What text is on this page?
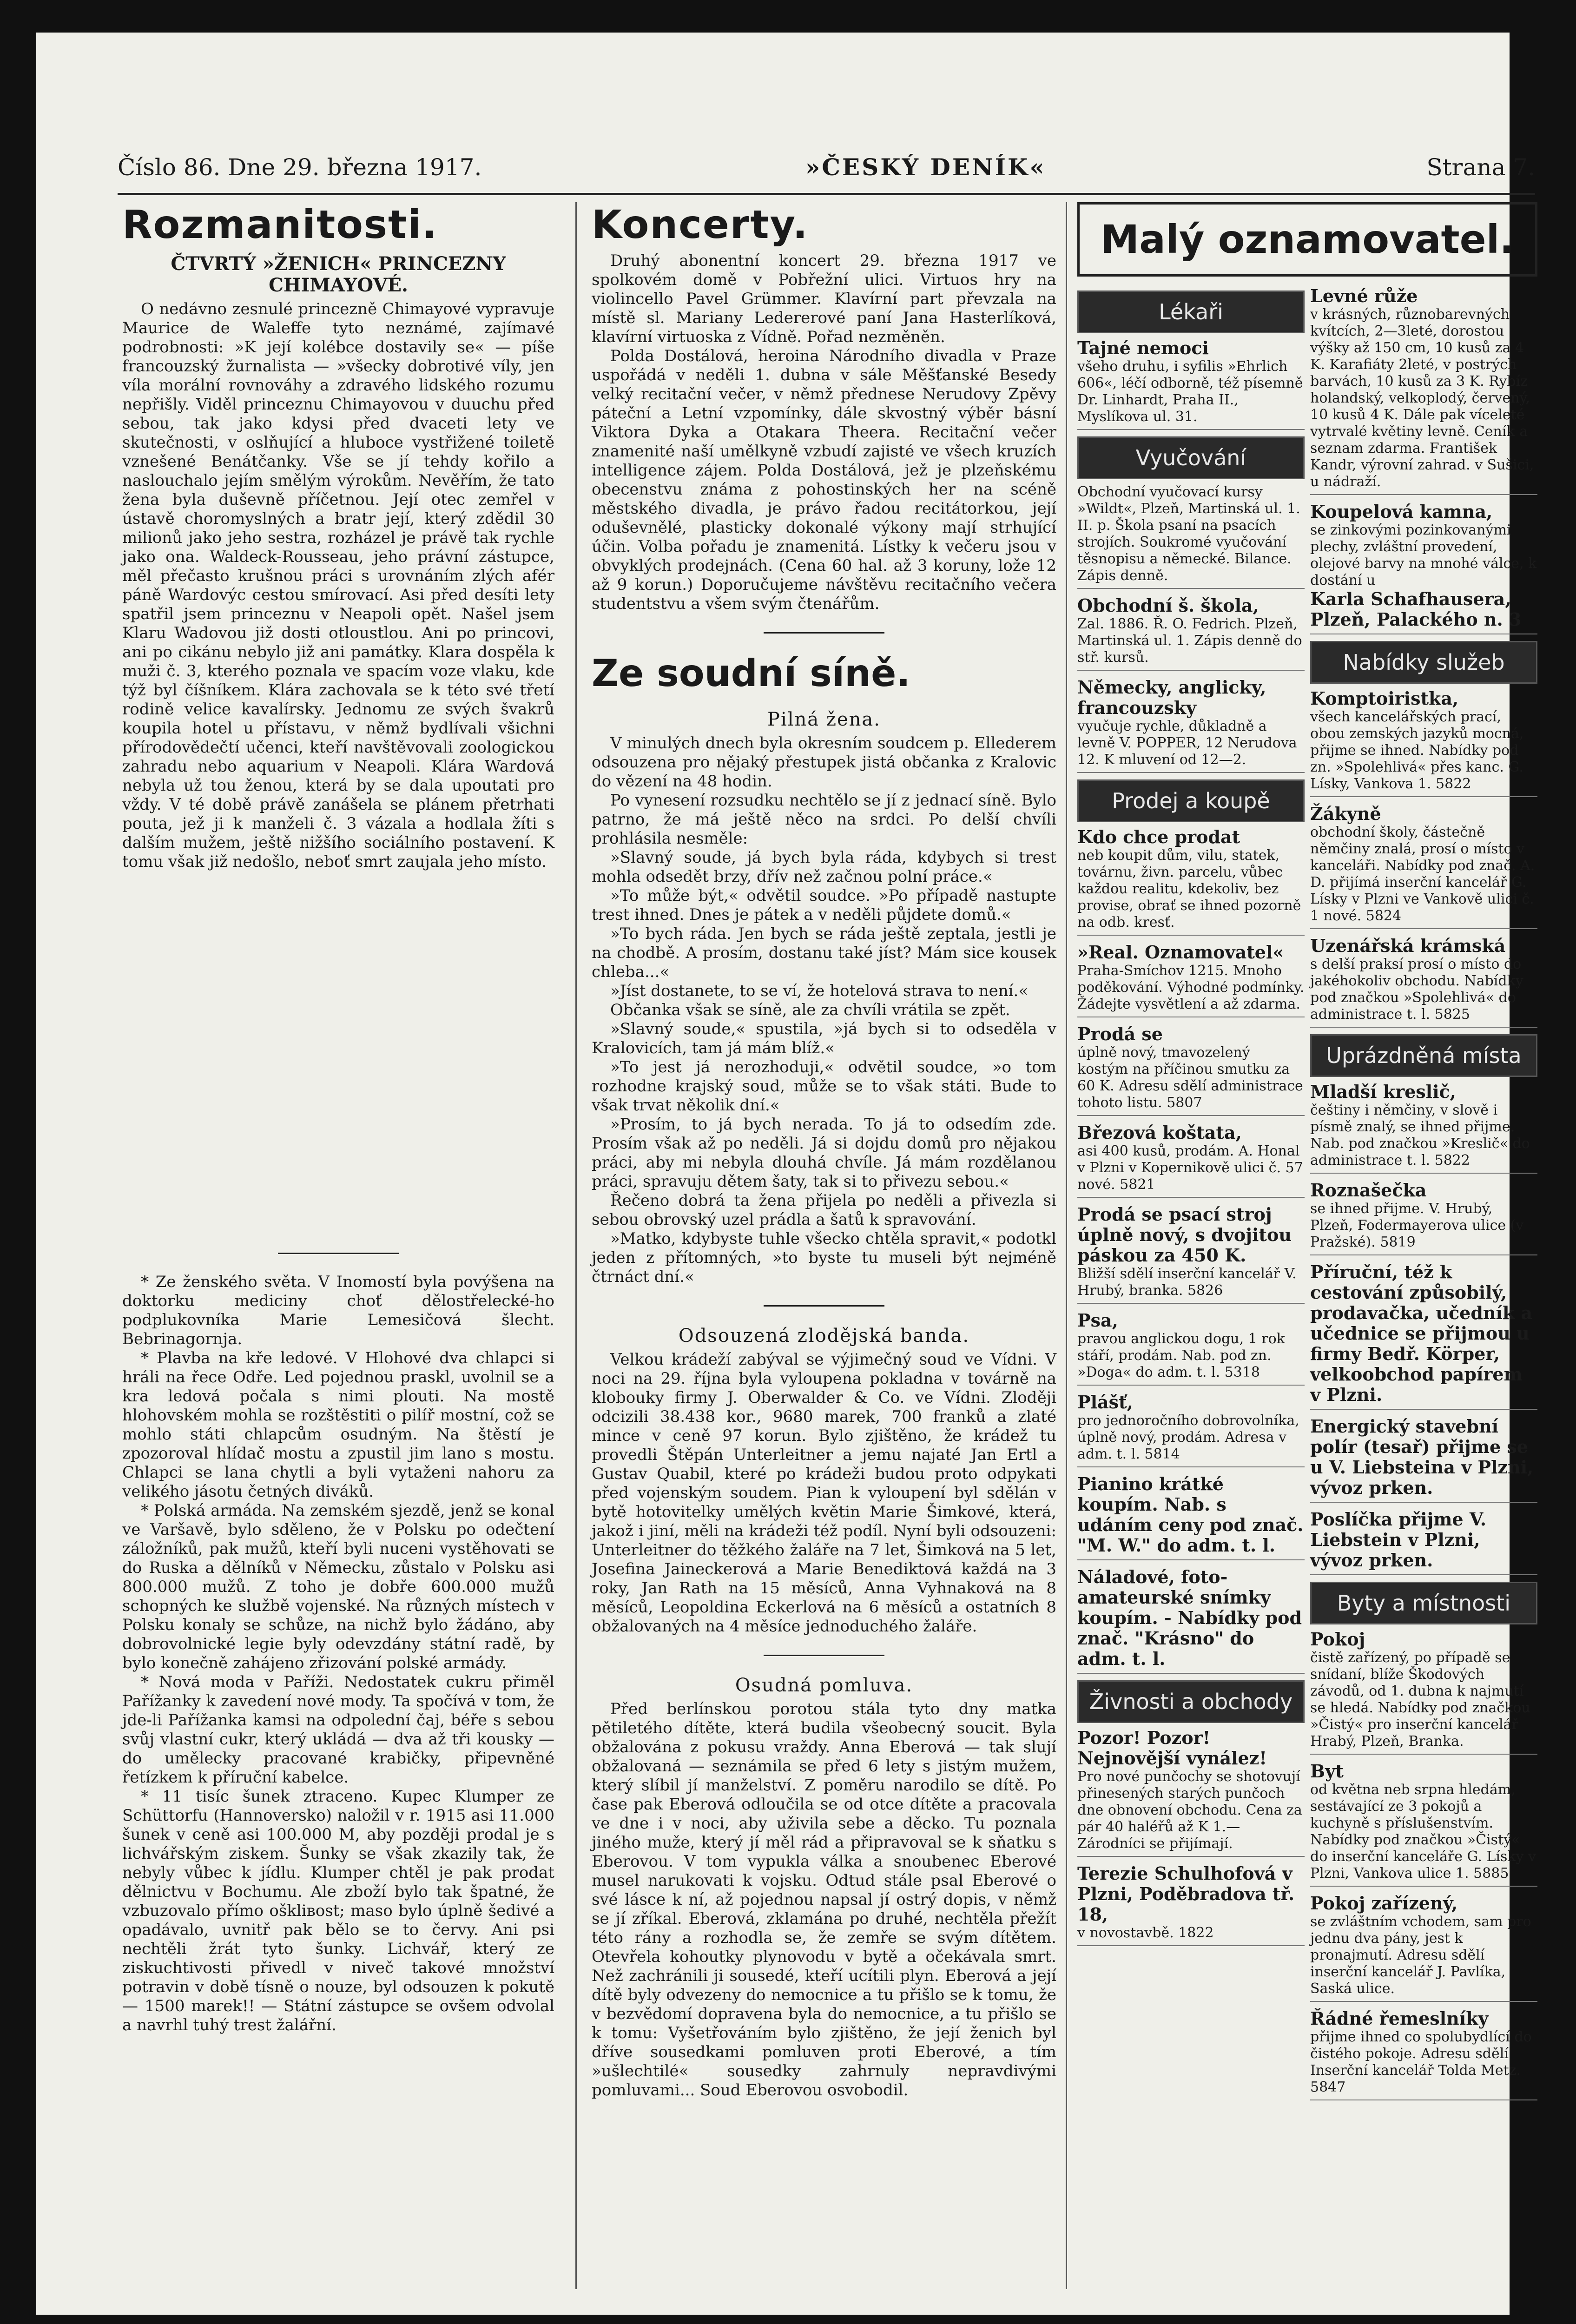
Číslo 86. Dne 29. března 1917.	»ČESKÝ DENÍK«	Strana 7.
Rozmanitosti.
ČTVRTÝ »ŽENICH« PRINCEZNY CHIMAYOVÉ.

O nedávno zesnulé princezně Chimayové vypravuje Maurice de Waleffe tyto neznámé, zajímavé podrobnosti: »K její kolébce dostavily se« — píše francouzský žurnalista — »všecky dobrotivé víly, jen víla morální rovnováhy a zdravého lidského rozumu nepřišly. Viděl princeznu Chimayovou v duuchu před sebou, tak jako kdysi před dvaceti lety ve skutečnosti, v oslňující a hluboce vystřižené toiletě vznešené Benátčanky. Vše se jí tehdy kořilo a naslouchalo jejím smělým výrokům. Nevěřím, že tato žena byla duševně příčetnou. Její otec zemřel v ústavě choromyslných a bratr její, který zdědil 30 milionů jako jeho sestra, rozházel je právě tak rychle jako ona. Waldeck-Rousseau, jeho právní zástupce, měl přečasto krušnou práci s urovnáním zlých afér páně Wardovýc cestou smírovací. Asi před desíti lety spatřil jsem princeznu v Neapoli opět. Našel jsem Klaru Wadovou již dosti otloustlou. Ani po princovi, ani po cikánu nebylo již ani památky. Klara dospěla k muži č. 3, kterého poznala ve spacím voze vlaku, kde týž byl číšníkem. Klára zachovala se k této své třetí rodině velice kavalírsky. Jednomu ze svých švakrů koupila hotel u přístavu, v němž bydlívali všichni přírodovědečtí učenci, kteří navštěvovali zoologickou zahradu nebo aquarium v Neapoli. Klára Wardová nebyla už tou ženou, která by se dala upoutati pro vždy. V té době právě zanášela se plánem přetrhati pouta, jež ji k manželi č. 3 vázala a hodlala žíti s dalším mužem, ještě nižšího sociálního postavení. K tomu však již nedošlo, neboť smrt zaujala jeho místo.

* Ze ženského světa. V Inomostí byla povýšena na doktorku mediciny choť dělostřelecké-ho podplukovníka Marie Lemesičová šlecht. Bebrinagornja.

* Plavba na kře ledové. V Hlohové dva chlapci si hráli na řece Odře. Led pojednou praskl, uvolnil se a kra ledová počala s nimi plouti. Na mostě hlohovském mohla se rozštěstiti o pilíř mostní, což se mohlo státi chlapcům osudným. Na štěstí je zpozoroval hlídač mostu a zpustil jim lano s mostu. Chlapci se lana chytli a byli vytaženi nahoru za velikého jásotu četných diváků.

* Polská armáda. Na zemském sjezdě, jenž se konal ve Varšavě, bylo sděleno, že v Polsku po odečtení záložníků, pak mužů, kteří byli nuceni vystěhovati se do Ruska a dělníků v Německu, zůstalo v Polsku asi 800.000 mužů. Z toho je dobře 600.000 mužů schopných ke službě vojenské. Na různých místech v Polsku konaly se schůze, na nichž bylo žádáno, aby dobrovolnické legie byly odevzdány státní radě, by bylo konečně zahájeno zřizování polské armády.

* Nová moda v Paříži. Nedostatek cukru přiměl Pařížanky k zavedení nové mody. Ta spočívá v tom, že jde-li Pařížanka kamsi na odpolední čaj, béře s sebou svůj vlastní cukr, který ukládá — dva až tři kousky — do umělecky pracované krabičky, připevněné řetízkem k příruční kabelce.

* 11 tisíc šunek ztraceno. Kupec Klumper ze Schüttorfu (Hannoversko) naložil v r. 1915 asi 11.000 šunek v ceně asi 100.000 M, aby později prodal je s lichvářským ziskem. Šunky se však zkazily tak, že nebyly vůbec k jídlu. Klumper chtěl je pak prodat dělnictvu v Bochumu. Ale zboží bylo tak špatné, že vzbuzovalo přímo oškliвost; maso bylo úplně šedivé a opadávalo, uvnitř pak bělo se to červy. Ani psi nechtěli žrát tyto šunky. Lichvář, který ze ziskuchtivosti přivedl v niveč takové množství potravin v době tísně o nouze, byl odsouzen k pokutě — 1500 marek!! — Státní zástupce se ovšem odvolal a navrhl tuhý trest žalářní.

Koncerty.

Druhý abonentní koncert 29. března 1917 ve spolkovém domě v Pobřežní ulici. Virtuos hry na violincello Pavel Grümmer. Klavírní part převzala na místě sl. Mariany Ledererové paní Jana Hasterlíková, klavírní virtuoska z Vídně. Pořad nezměněn.

Polda Dostálová, heroina Národního divadla v Praze uspořádá v neděli 1. dubna v sále Měšťanské Besedy velký recitační večer, v němž přednese Nerudovy Zpěvy páteční a Letní vzpomínky, dále skvostný výběr básní Viktora Dyka a Otakara Theera. Recitační večer znamenité naší umělkyně vzbudí zajisté ve všech kruzích intelligence zájem. Polda Dostálová, jež je plzeňskému obecenstvu známa z pohostinských her na scéně městského divadla, je právo řadou recitátorkou, její oduševnělé, plasticky dokonalé výkony mají strhující účin. Volba pořadu je znamenitá. Lístky k večeru jsou v obvyklých prodejnách. (Cena 60 hal. až 3 koruny, lože 12 až 9 korun.) Doporučujeme návštěvu recitačního večera studentstvu a všem svým čtenářům.

Ze soudní síně.
Pilná žena.

V minulých dnech byla okresním soudcem p. Ellederem odsouzena pro nějaký přestupek jistá občanka z Kralovic do vězení na 48 hodin.

Po vynesení rozsudku nechtělo se jí z jednací síně. Bylo patrno, že má ještě něco na srdci. Po delší chvíli prohlásila nesměle:

»Slavný soude, já bych byla ráda, kdybych si trest mohla odsedět brzy, dřív než začnou polní práce.«

»To může být,« odvětil soudce. »Po případě nastupte trest ihned. Dnes je pátek a v neděli půjdete domů.«

»To bych ráda. Jen bych se ráda ještě zeptala, jestli je na chodbě. A prosím, dostanu také jíst? Mám sice kousek chleba...«

»Jíst dostanete, to se ví, že hotelová strava to není.«

Občanka však se síně, ale za chvíli vrátila se zpět.

»Slavný soude,« spustila, »já bych si to odseděla v Kralovicích, tam já mám blíž.«

»To jest já nerozhoduji,« odvětil soudce, »o tom rozhodne krajský soud, může se to však státi. Bude to však trvat několik dní.«

»Prosím, to já bych nerada. To já to odsedím zde. Prosím však až po neděli. Já si dojdu domů pro nějakou práci, aby mi nebyla dlouhá chvíle. Já mám rozdělanou práci, spravuju dětem šaty, tak si to přivezu sebou.«

Řečeno dobrá ta žena přijela po neděli a přivezla si sebou obrovský uzel prádla a šatů k spravování.

»Matko, kdybyste tuhle všecko chtěla spravit,« podotkl jeden z přítomných, »to byste tu museli být nejméně čtrnáct dní.«

Odsouzená zlodějská banda.

Velkou krádeží zabýval se výjimečný soud ve Vídni. V noci na 29. října byla vyloupena pokladna v továrně na klobouky firmy J. Oberwalder & Co. ve Vídni. Zloději odcizili 38.438 kor., 9680 marek, 700 franků a zlaté mince v ceně 97 korun. Bylo zjištěno, že krádež tu provedli Štěpán Unterleitner a jemu najaté Jan Ertl a Gustav Quabil, které po krádeži budou proto odpykati před vojenským soudem. Pian k vyloupení byl sdělán v bytě hotovitelky umělých květin Marie Šimkové, která, jakož i jiní, měli na krádeži též podíl. Nyní byli odsouzeni: Unterleitner do těžkého žaláře na 7 let, Šimková na 5 let, Josefina Jaineckerová a Marie Benediktová každá na 3 roky, Jan Rath na 15 měsíců, Anna Vyhnaková na 8 měsíců, Leopoldina Eckerlová na 6 měsíců a ostatních 8 obžalovaných na 4 měsíce jednoduchého žaláře.

Osudná pomluva.

Před berlínskou porotou stála tyto dny matka pětiletého dítěte, která budila všeobecný soucit. Byla obžalována z pokusu vraždy. Anna Eberová — tak slují obžalovaná — seznámila se před 6 lety s jistým mužem, který slíbil jí manželství. Z poměru narodilo se dítě. Po čase pak Eberová odloučila se od otce dítěte a pracovala ve dne i v noci, aby uživila sebe a děcko. Tu poznala jiného muže, který jí měl rád a připravoval se k sňatku s Eberovou. V tom vypukla válka a snoubenec Eberové musel narukovati k vojsku. Odtud stále psal Eberové o své lásce k ní, až pojednou napsal jí ostrý dopis, v němž se jí zříkal. Eberová, zklamána po druhé, nechtěla přežít této rány a rozhodla se, že zemře se svým dítětem. Otevřela kohoutky plynovodu v bytě a očekávala smrt. Než zachránili ji sousedé, kteří ucítili plyn. Eberová a její dítě byly odvezeny do nemocnice a tu přišlo se k tomu, že v bezvědomí dopravena byla do nemocnice, a tu přišlo se k tomu: Vyšetřováním bylo zjištěno, že její ženich byl dříve sousedkami pomluven proti Eberové, a tím »ušlechtilé« sousedky zahrnuly nepravdivými pomluvami... Soud Eberovou osvobodil.

Malý oznamovatel.
Lékaři
Tajné nemoci
všeho druhu, i syfilis »Ehrlich 606«, léčí odborně, též písemně Dr. Linhardt, Praha II., Myslíkova ul. 31.
Vyučování
Obchodní vyučovací kursy »Wildt«, Plzeň, Martinská ul. 1. II. p. Škola psaní na psacích strojích. Soukromé vyučování těsnopisu a německé. Bilance. Zápis denně.
Obchodní š. škola,
Zal. 1886. Ř. O. Fedrich. Plzeň, Martinská ul. 1. Zápis denně do stř. kursů.
Německy, anglicky, francouzsky
vyučuje rychle, důkladně a levně V. POPPER, 12 Nerudova 12. K mluvení od 12—2.
Prodej a koupě
Kdo chce prodat
neb koupit dům, vilu, statek, továrnu, živn. parcelu, vůbec každou realitu, kdekoliv, bez provise, obrať se ihned pozorně na odb. kresť.
»Real. Oznamovatel«
Praha-Smíchov 1215. Mnoho poděkování. Výhodné podmínky. Žádejte vysvětlení a až zdarma.
Prodá se
úplně nový, tmavozelený kostým na příčinou smutku za 60 K. Adresu sdělí administrace tohoto listu. 5807
Březová koštata,
asi 400 kusů, prodám. A. Honal v Plzni v Kopernikově ulici č. 57 nové. 5821
Prodá se psací stroj úplně nový, s dvojitou páskou za 450 K.
Bližší sdělí inserční kancelář V. Hrubý, branka. 5826
Psa,
pravou anglickou dogu, 1 rok stáří, prodám. Nab. pod zn. »Doga« do adm. t. l. 5318
Plášť,
pro jednoročního dobrovolníka, úplně nový, prodám. Adresa v adm. t. l. 5814
Pianino krátké koupím. Nab. s udáním ceny pod znač. "M. W." do adm. t. l.
Náladové, foto-amateurské snímky koupím. - Nabídky pod znač. "Krásno" do adm. t. l.
Živnosti a obchody
Pozor! Pozor!
Nejnovější vynález!
Pro nové punčochy se shotovují přinesených starých punčoch dne obnovení obchodu. Cena za pár 40 haléřů až K 1.— Zárodníci se přijímají.
Terezie Schulhofová v Plzni, Poděbradova tř. 18,
v novostavbě. 1822
Levné růže
v krásných, různobarevných kvítcích, 2—3leté, dorostou výšky až 150 cm, 10 kusů za 4 K. Karafiáty 2leté, v postrých barvách, 10 kusů za 3 K. Rybíz holandský, velkoplodý, červený, 10 kusů 4 K. Dále pak víceleté vytrvalé květiny levně. Ceník a seznam zdarma. František Kandr, výrovní zahrad. v Sušici, u nádraží.
Koupelová kamna,
se zinkovými pozinkovanými plechy, zvláštní provedení, olejové barvy na mnohé válce, k dostání u
Karla Schafhausera, Plzeň, Palackého n. 3
Nabídky služeb
Komptoiristka,
všech kancelářských prací, obou zemských jazyků mocná, přijme se ihned. Nabídky pod zn. »Spolehlivá« přes kanc. G. Lísky, Vankova 1. 5822
Žákyně
obchodní školy, částečně němčiny znalá, prosí o místo v kanceláři. Nabídky pod znač. A. D. přijímá inserční kancelář G. Lísky v Plzni ve Vankově ulici č. 1 nové. 5824
Uzenářská krámská
s delší praksí prosí o místo do jakéhokoliv obchodu. Nabídky pod značkou »Spolehlivá« do administrace t. l. 5825
Uprázdněná místa
Mladší kreslič,
češtiny i němčiny, v slově i písmě znalý, se ihned přijme. Nab. pod značkou »Kreslič« do administrace t. l. 5822
Roznašečka
se ihned přijme. V. Hrubý, Plzeň, Fodermayerova ulice (v Pražské). 5819
Příruční, též k cestování způsobilý, prodavačka, učedník a učednice se přijmou u firmy Bedř. Körper, velkoobchod papírem v Plzni.
Energický stavební polír (tesař) přijme se u V. Liebsteina v Plzni, vývoz prken.
Poslíčka přijme V. Liebstein v Plzni, vývoz prken.
Byty a místnosti
Pokoj
čistě zařízený, po případě se snídaní, blíže Škodových závodů, od 1. dubna k najmutí se hledá. Nabídky pod značkou »Čistý« pro inserční kancelář Hrabý, Plzeň, Branka.
Byt
od května neb srpna hledám, sestávající ze 3 pokojů a kuchyně s příslušenstvím. Nabídky pod značkou »Čistý« do inserční kanceláře G. Lísky v Plzni, Vankova ulice 1. 5885
Pokoj zařízený,
se zvláštním vchodem, sam pro jednu dva pány, jest k pronajmutí. Adresu sdělí inserční kancelář J. Pavlíka, Saská ulice.
Řádné řemeslníky
přijme ihned co spolubydlící do čistého pokoje. Adresu sdělí Inserční kancelář Tolda Metz. 5847
